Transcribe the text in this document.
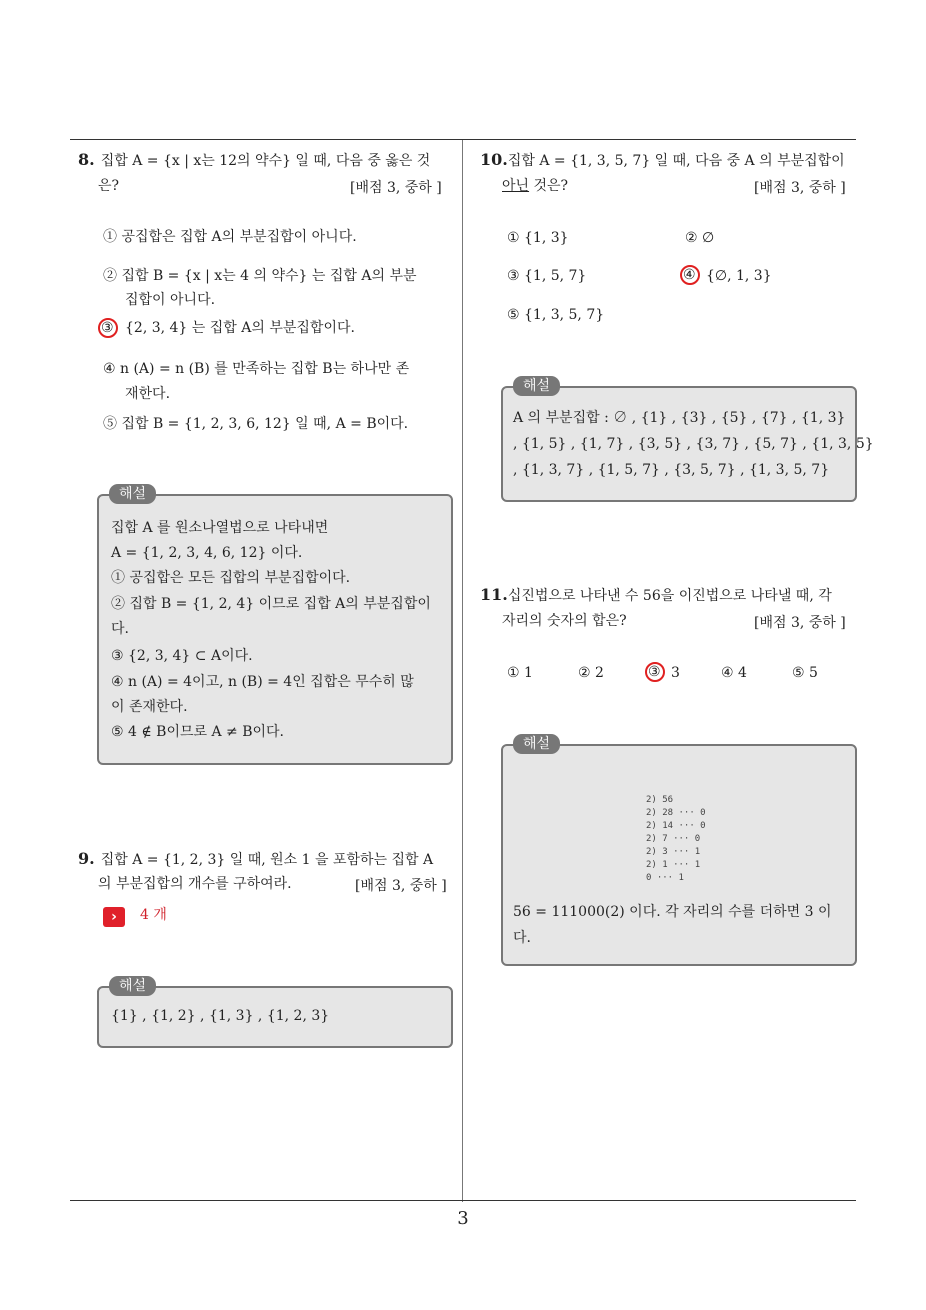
8. 집합 A = {x | x는 12의 약수} 일 때, 다음 중 옳은 것
은?	[배점 3, 중하 ]
① 공집합은 집합 A의 부분집합이 아니다.
② 집합 B = {x | x는 4 의 약수} 는 집합 A의 부분
집합이 아니다.
③ {2, 3, 4} 는 집합 A의 부분집합이다.
④ n (A) = n (B) 를 만족하는 집합 B는 하나만 존
재한다.
⑤ 집합 B = {1, 2, 3, 6, 12} 일 때, A = B이다.
해설
집합 A 를 원소나열법으로 나타내면
A = {1, 2, 3, 4, 6, 12} 이다.
① 공집합은 모든 집합의 부분집합이다.
② 집합 B = {1, 2, 4} 이므로 집합 A의 부분집합이
다.
③ {2, 3, 4} ⊂ A이다.
④ n (A) = 4이고, n (B) = 4인 집합은 무수히 많
이 존재한다.
⑤ 4 ∉ B이므로 A ≠ B이다.
9. 집합 A = {1, 2, 3} 일 때, 원소 1 을 포함하는 집합 A
의 부분집합의 개수를 구하여라.	[배점 3, 중하 ]
›	4 개
해설
{1} , {1, 2} , {1, 3} , {1, 2, 3}
10.집합 A = {1, 3, 5, 7} 일 때, 다음 중 A 의 부분집합이
아닌 것은?	[배점 3, 중하 ]
① {1, 3}	② ∅
③ {1, 5, 7}	④ {∅, 1, 3}
⑤ {1, 3, 5, 7}
해설
A 의 부분집합 : ∅ , {1} , {3} , {5} , {7} , {1, 3}
, {1, 5} , {1, 7} , {3, 5} , {3, 7} , {5, 7} , {1, 3, 5}
, {1, 3, 7} , {1, 5, 7} , {3, 5, 7} , {1, 3, 5, 7}
11.십진법으로 나타낸 수 56을 이진법으로 나타낼 때, 각
자리의 숫자의 합은?	[배점 3, 중하 ]
① 1	② 2	③ 3	④ 4	⑤ 5
해설
2) 56
2) 28 ··· 0
2) 14 ··· 0
2) 7 ··· 0
2) 3 ··· 1
2) 1 ··· 1
0 ··· 1
56 = 111000(2) 이다. 각 자리의 수를 더하면 3 이
다.
3
